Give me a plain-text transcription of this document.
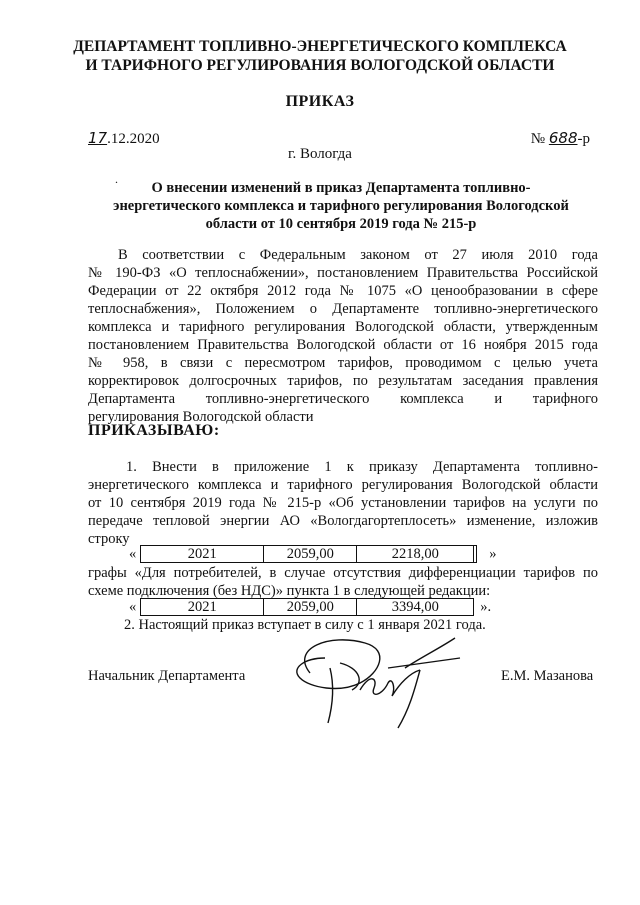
ДЕПАРТАМЕНТ ТОПЛИВНО-ЭНЕРГЕТИЧЕСКОГО КОМПЛЕКСА
И ТАРИФНОГО РЕГУЛИРОВАНИЯ ВОЛОГОДСКОЙ ОБЛАСТИ
ПРИКАЗ
17.12.2020	№ 688-р
г. Вологда
.
О внесении изменений в приказ Департамента топливно-
энергетического комплекса и тарифного регулирования Вологодской
области от 10 сентября 2019 года № 215-р
В соответствии с Федеральным законом от 27 июля 2010 года
№ 190-ФЗ «О теплоснабжении», постановлением Правительства Российской
Федерации от 22 октября 2012 года № 1075 «О ценообразовании в сфере
теплоснабжения», Положением о Департаменте топливно-энергетического
комплекса и тарифного регулирования Вологодской области, утвержденным
постановлением Правительства Вологодской области от 16 ноября 2015 года
№ 958, в связи с пересмотром тарифов, проводимом с целью учета
корректировок долгосрочных тарифов, по результатам заседания правления
Департамента топливно-энергетического комплекса и тарифного
регулирования Вологодской области
ПРИКАЗЫВАЮ:
1. Внести в приложение 1 к приказу Департамента топливно-
энергетического комплекса и тарифного регулирования Вологодской области
от 10 сентября 2019 года № 215-р «Об установлении тарифов на услуги по
передаче тепловой энергии АО «Вологдагортеплосеть» изменение, изложив
строку
«	2021	2059,00	2218,00		»
графы «Для потребителей, в случае отсутствия дифференциации тарифов по
схеме подключения (без НДС)» пункта 1 в следующей редакции:
«	2021	2059,00	3394,00	».
2. Настоящий приказ вступает в силу с 1 января 2021 года.
Начальник Департамента	Е.М. Мазанова
